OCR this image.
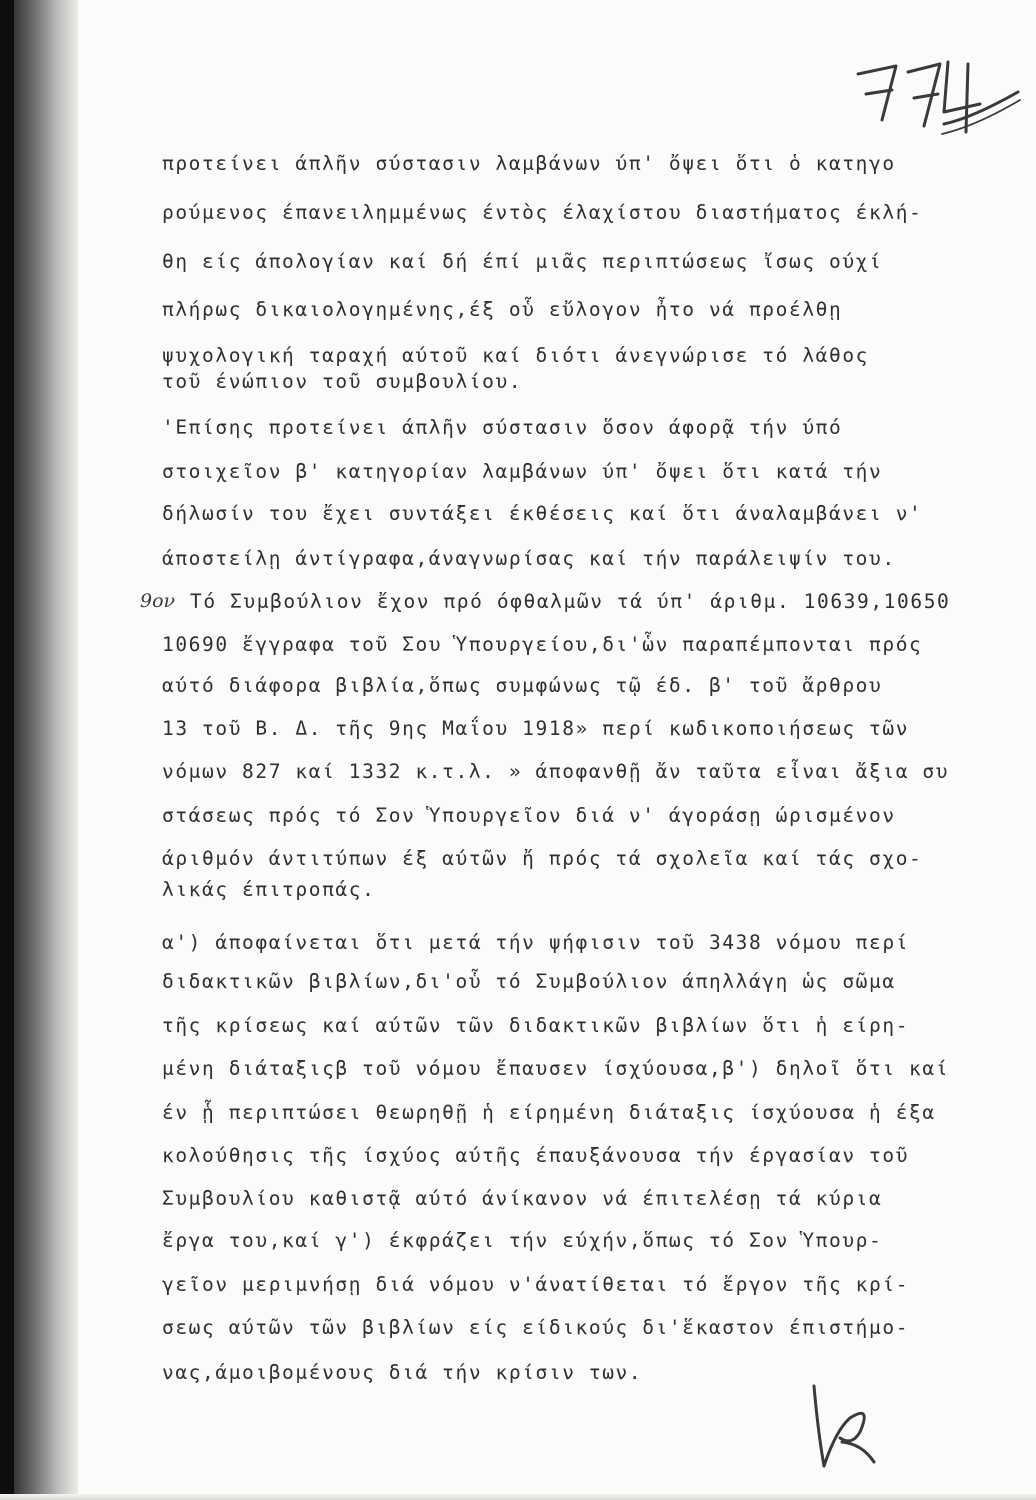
προτείνει άπλῆν σύστασιν λαμβάνων ύπ' ὄψει ὅτι ὁ κατηγο
ρούμενος έπανειλημμένως έντὸς έλαχίστου διαστήματος έκλή-
θη είς άπολογίαν καί δή έπί μιᾶς περιπτώσεως ἴσως ούχί
πλήρως δικαιολογημένης,έξ οὗ εὔλογον ἦτο νά προέλθῃ
ψυχολογική ταραχή αύτοῦ καί διότι άνεγνώρισε τό λάθος
τοῦ ένώπιον τοῦ συμβουλίου.
'Επίσης προτείνει άπλῆν σύστασιν ὅσον άφορᾷ τήν ύπό
στοιχεῖον β' κατηγορίαν λαμβάνων ύπ' ὄψει ὅτι κατά τήν
δήλωσίν του ἔχει συντάξει έκθέσεις καί ὅτι άναλαμβάνει ν'
άποστείλῃ άντίγραφα,άναγνωρίσας καί τήν παράλειψίν του.
Τό Συμβούλιον ἔχον πρό όφθαλμῶν τά ύπ' άριθμ. 10639,10650
10690 ἔγγραφα τοῦ Σου Ὑπουργείου,δι'ὧν παραπέμπονται πρός
αύτό διάφορα βιβλία,ὅπως συμφώνως τῷ έδ. β' τοῦ ἄρθρου
13 τοῦ Β. Δ. τῆς 9ης Μαΐου 1918» περί κωδικοποιήσεως τῶν
νόμων 827 καί 1332 κ.τ.λ. » άποφανθῇ ἄν ταῦτα εἶναι ἄξια συ
στάσεως πρός τό Σον Ὑπουργεῖον διά ν' άγοράσῃ ώρισμένον
άριθμόν άντιτύπων έξ αύτῶν ἤ πρός τά σχολεῖα καί τάς σχο-
λικάς έπιτροπάς.
α') άποφαίνεται ὅτι μετά τήν ψήφισιν τοῦ 3438 νόμου περί
διδακτικῶν βιβλίων,δι'οὗ τό Συμβούλιον άπηλλάγη ὡς σῶμα
τῆς κρίσεως καί αύτῶν τῶν διδακτικῶν βιβλίων ὅτι ἡ είρη-
μένη διάταξιςβ τοῦ νόμου ἔπαυσεν ίσχύουσα,β') δηλοῖ ὅτι καί
έν ᾗ περιπτώσει θεωρηθῇ ἡ είρημένη διάταξις ίσχύουσα ἡ έξα
κολούθησις τῆς ίσχύος αύτῆς έπαυξάνουσα τήν έργασίαν τοῦ
Συμβουλίου καθιστᾷ αύτό άνίκανον νά έπιτελέσῃ τά κύρια
ἔργα του,καί γ') έκφράζει τήν εύχήν,ὅπως τό Σον Ὑπουρ-
γεῖον μεριμνήσῃ διά νόμου ν'άνατίθεται τό ἔργον τῆς κρί-
σεως αύτῶν τῶν βιβλίων είς είδικούς δι'ἕκαστον έπιστήμο-
νας,άμοιβομένους διά τήν κρίσιν των.
9ον
